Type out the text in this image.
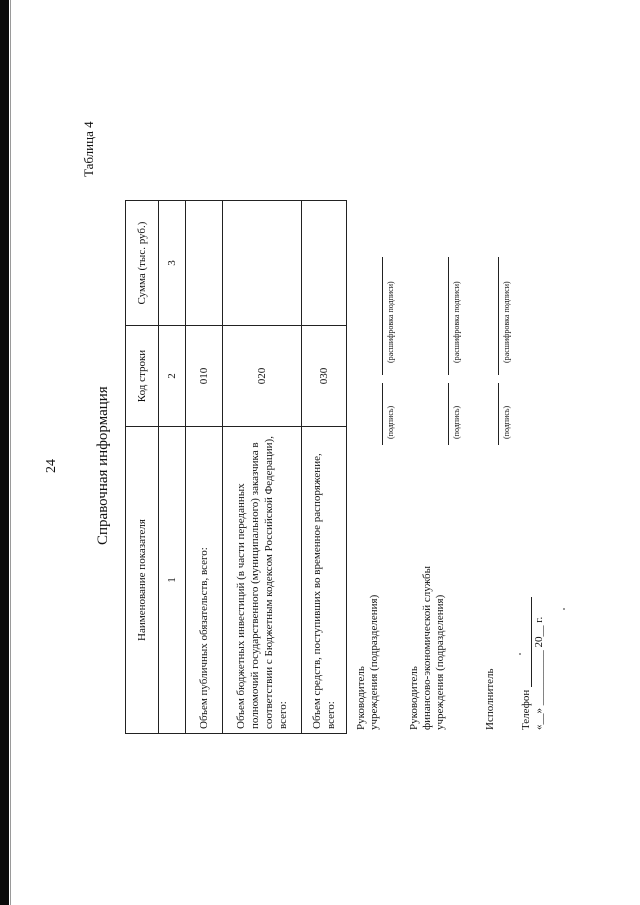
24
Таблица 4
Справочная информация
Наименование показателя	Код строки	Сумма (тыс. руб.)
1	2	3
Объем публичных обязательств, всего:	010	
Объем бюджетных инвестиций (в части переданных полномочий государственного (муниципального) заказчика в соответствии с Бюджетным кодексом Российской Федерации), всего:	020	
Объем средств, поступивших во временное распоряжение, всего:	030	
Руководитель учреждения (подразделения)
(подпись)
(расшифровка подписи)
Руководитель финансово-экономической службы учреждения (подразделения)
(подпись)
(расшифровка подписи)
Исполнитель
(подпись)
(расшифровка подписи)
Телефон «__» __________ 20__ г.
